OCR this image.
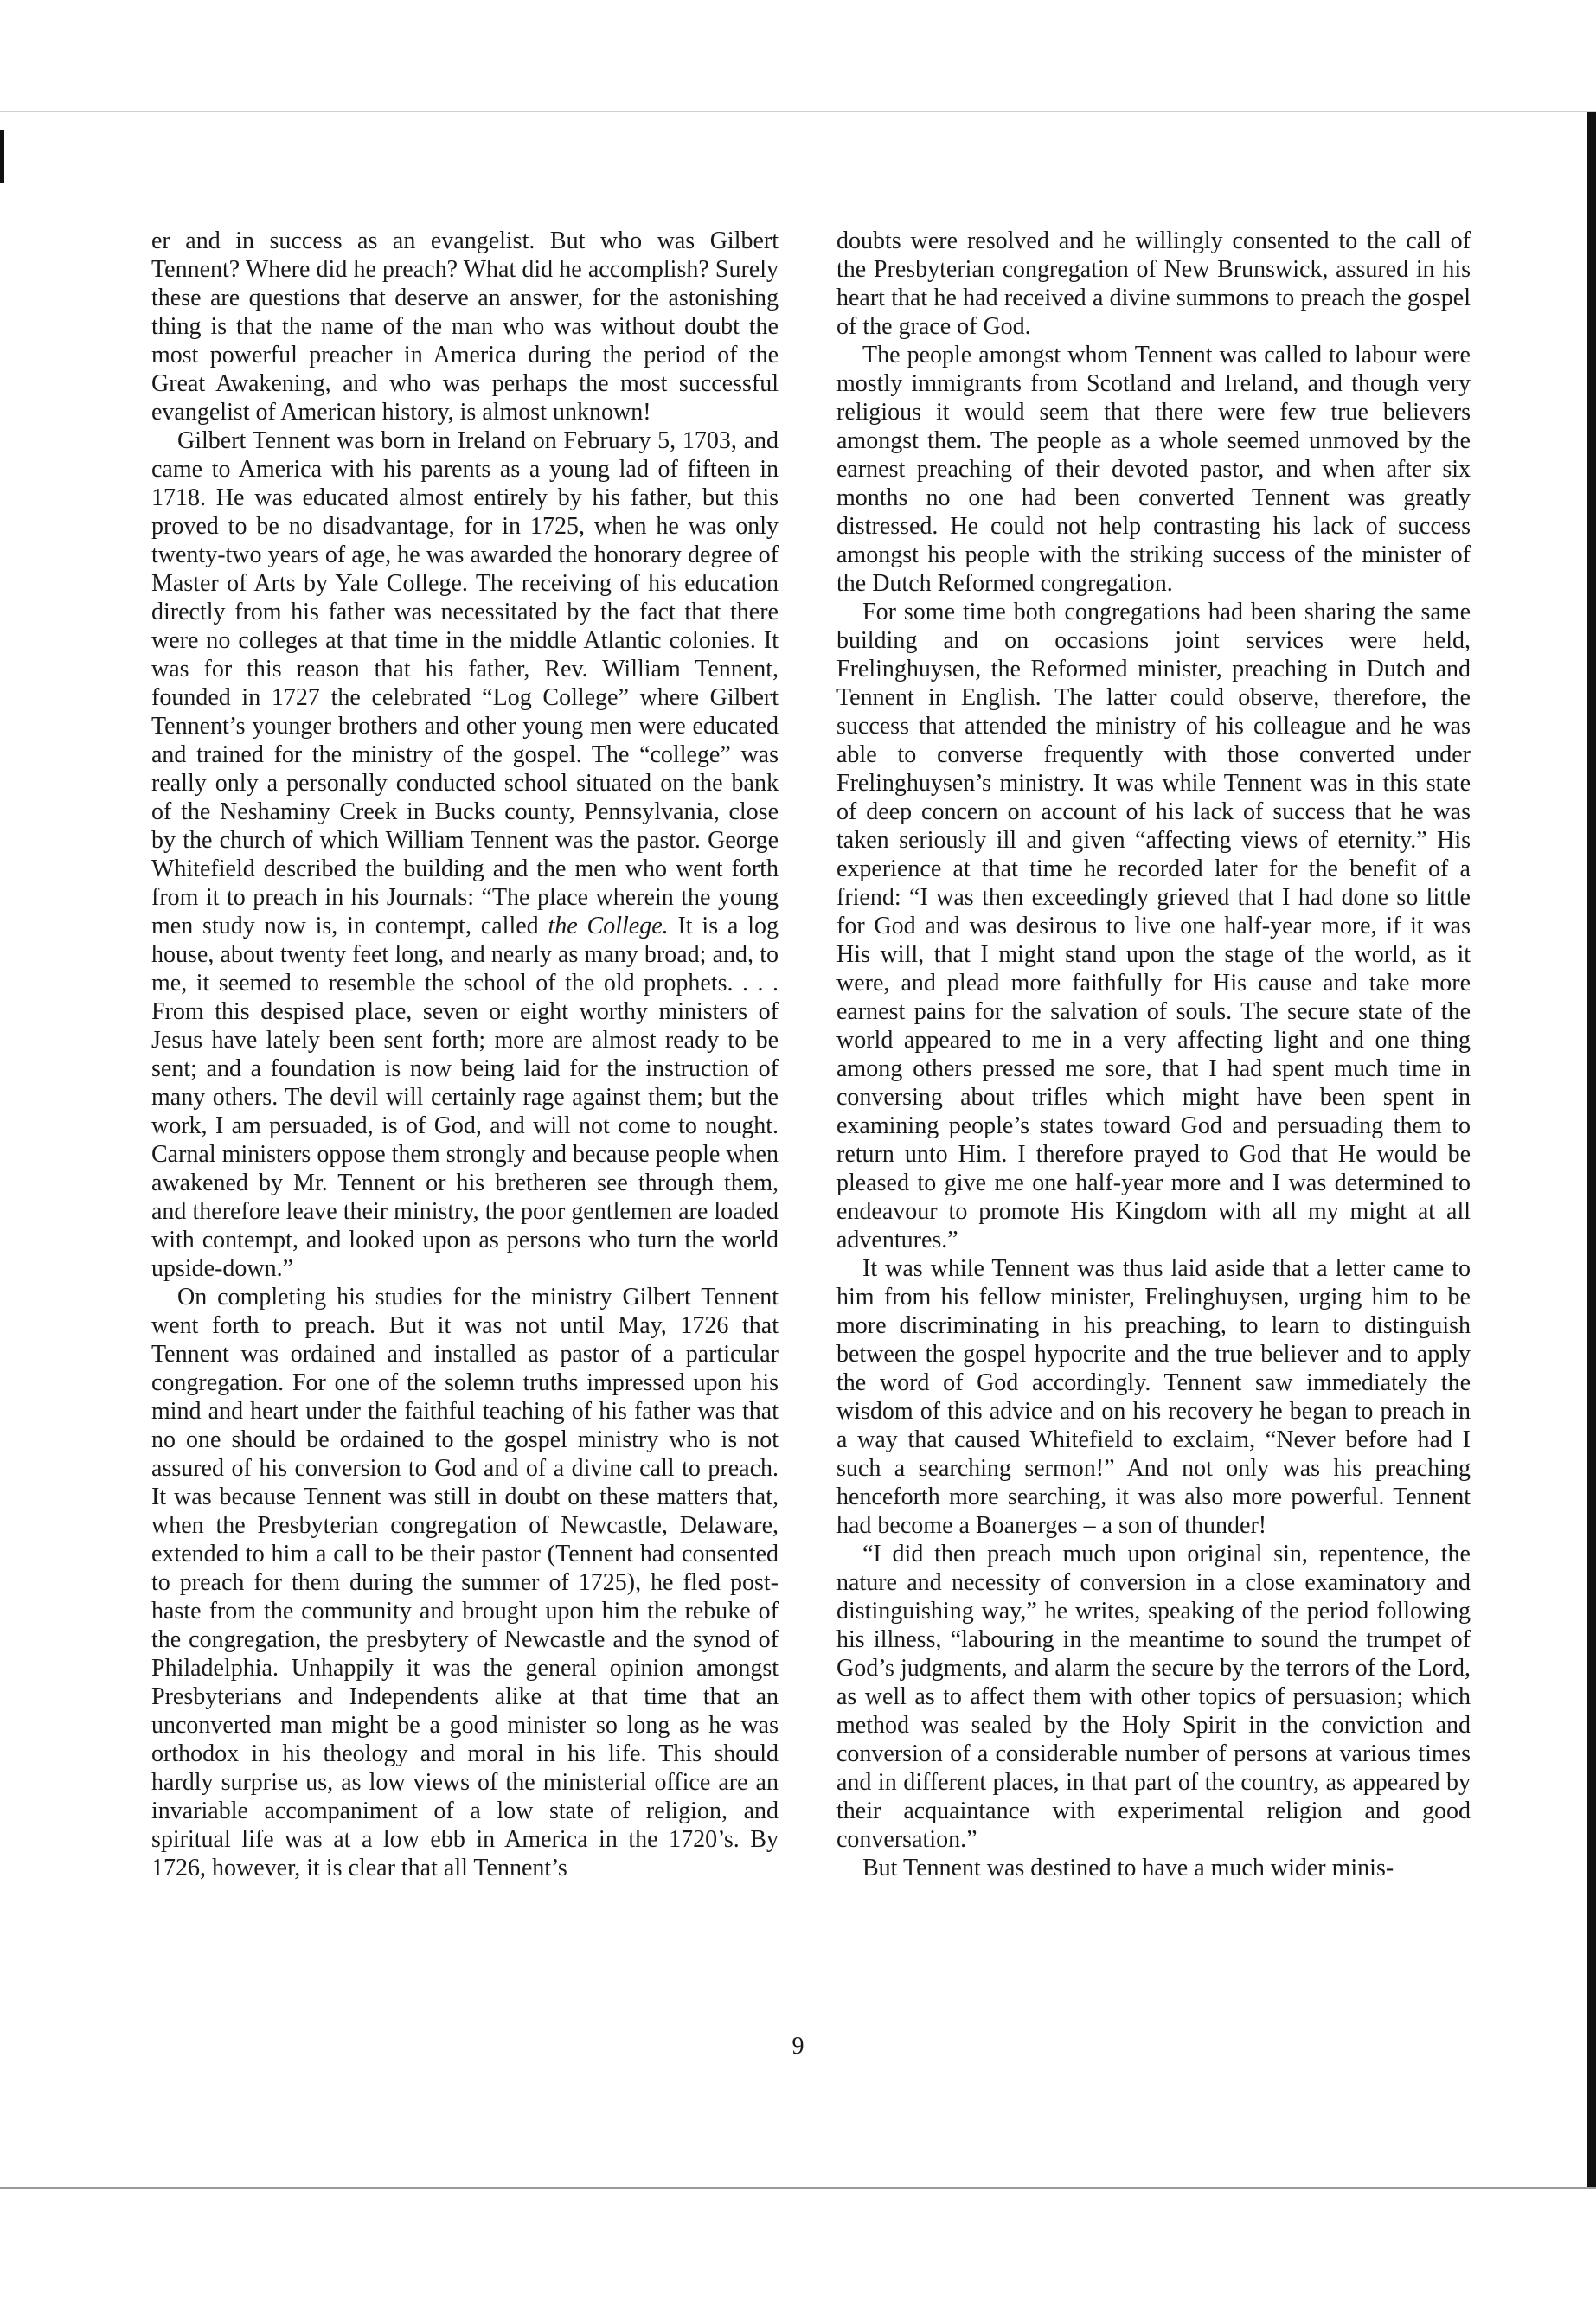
er and in success as an evangelist. But who was Gilbert Tennent? Where did he preach? What did he accomplish? Surely these are questions that deserve an answer, for the astonishing thing is that the name of the man who was without doubt the most powerful preacher in America during the period of the Great Awakening, and who was perhaps the most successful evangelist of American history, is almost unknown!

Gilbert Tennent was born in Ireland on February 5, 1703, and came to America with his parents as a young lad of fifteen in 1718. He was educated almost entirely by his father, but this proved to be no disadvantage, for in 1725, when he was only twenty-two years of age, he was awarded the honorary degree of Master of Arts by Yale College. The receiving of his education directly from his father was necessitated by the fact that there were no colleges at that time in the middle Atlantic colonies. It was for this reason that his father, Rev. William Tennent, founded in 1727 the celebrated “Log College” where Gilbert Tennent’s younger brothers and other young men were educated and trained for the ministry of the gospel. The “college” was really only a personally conducted school situated on the bank of the Neshaminy Creek in Bucks county, Pennsylvania, close by the church of which William Tennent was the pastor. George Whitefield described the building and the men who went forth from it to preach in his Journals: “The place wherein the young men study now is, in contempt, called the College. It is a log house, about twenty feet long, and nearly as many broad; and, to me, it seemed to resemble the school of the old prophets. . . . From this despised place, seven or eight worthy ministers of Jesus have lately been sent forth; more are almost ready to be sent; and a foundation is now being laid for the instruction of many others. The devil will certainly rage against them; but the work, I am persuaded, is of God, and will not come to nought. Carnal ministers oppose them strongly and because people when awakened by Mr. Tennent or his bretheren see through them, and therefore leave their ministry, the poor gentlemen are loaded with contempt, and looked upon as persons who turn the world upside-down.”

On completing his studies for the ministry Gilbert Tennent went forth to preach. But it was not until May, 1726 that Tennent was ordained and installed as pastor of a particular congregation. For one of the solemn truths impressed upon his mind and heart under the faithful teaching of his father was that no one should be ordained to the gospel ministry who is not assured of his conversion to God and of a divine call to preach. It was because Tennent was still in doubt on these matters that, when the Presbyterian congregation of Newcastle, Delaware, extended to him a call to be their pastor (Tennent had consented to preach for them during the summer of 1725), he fled post-haste from the community and brought upon him the rebuke of the congregation, the presbytery of Newcastle and the synod of Philadelphia. Unhappily it was the general opinion amongst Presbyterians and Independents alike at that time that an unconverted man might be a good minister so long as he was orthodox in his theology and moral in his life. This should hardly surprise us, as low views of the ministerial office are an invariable accompaniment of a low state of religion, and spiritual life was at a low ebb in America in the 1720’s. By 1726, however, it is clear that all Tennent’s

doubts were resolved and he willingly consented to the call of the Presbyterian congregation of New Brunswick, assured in his heart that he had received a divine summons to preach the gospel of the grace of God.

The people amongst whom Tennent was called to labour were mostly immigrants from Scotland and Ireland, and though very religious it would seem that there were few true believers amongst them. The people as a whole seemed unmoved by the earnest preaching of their devoted pastor, and when after six months no one had been converted Tennent was greatly distressed. He could not help contrasting his lack of success amongst his people with the striking success of the minister of the Dutch Reformed congregation.

For some time both congregations had been sharing the same building and on occasions joint services were held, Frelinghuysen, the Reformed minister, preaching in Dutch and Tennent in English. The latter could observe, therefore, the success that attended the ministry of his colleague and he was able to converse frequently with those converted under Frelinghuysen’s ministry. It was while Tennent was in this state of deep concern on account of his lack of success that he was taken seriously ill and given “affecting views of eternity.” His experience at that time he recorded later for the benefit of a friend: “I was then exceedingly grieved that I had done so little for God and was desirous to live one half-year more, if it was His will, that I might stand upon the stage of the world, as it were, and plead more faithfully for His cause and take more earnest pains for the salvation of souls. The secure state of the world appeared to me in a very affecting light and one thing among others pressed me sore, that I had spent much time in conversing about trifles which might have been spent in examining people’s states toward God and persuading them to return unto Him. I therefore prayed to God that He would be pleased to give me one half-year more and I was determined to endeavour to promote His Kingdom with all my might at all adventures.”

It was while Tennent was thus laid aside that a letter came to him from his fellow minister, Frelinghuysen, urging him to be more discriminating in his preaching, to learn to distinguish between the gospel hypocrite and the true believer and to apply the word of God accordingly. Tennent saw immediately the wisdom of this advice and on his recovery he began to preach in a way that caused Whitefield to exclaim, “Never before had I such a searching sermon!” And not only was his preaching henceforth more searching, it was also more powerful. Tennent had become a Boanerges – a son of thunder!

“I did then preach much upon original sin, repentence, the nature and necessity of conversion in a close examinatory and distinguishing way,” he writes, speaking of the period following his illness, “labouring in the meantime to sound the trumpet of God’s judgments, and alarm the secure by the terrors of the Lord, as well as to affect them with other topics of persuasion; which method was sealed by the Holy Spirit in the conviction and conversion of a considerable number of persons at various times and in different places, in that part of the country, as appeared by their acquaintance with experimental religion and good conversation.”

But Tennent was destined to have a much wider minis-

9
